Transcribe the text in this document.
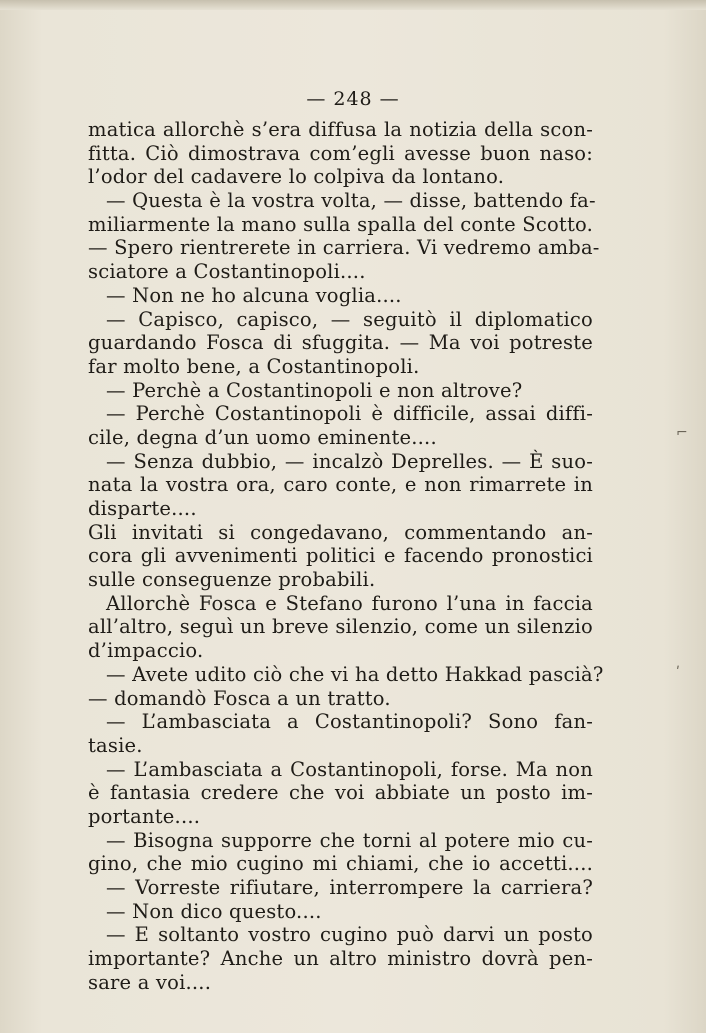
— 248 —
matica allorchè s’era diffusa la notizia della scon-
fitta. Ciò dimostrava com’egli avesse buon naso:
l’odor del cadavere lo colpiva da lontano.
— Questa è la vostra volta, — disse, battendo fa-
miliarmente la mano sulla spalla del conte Scotto.
— Spero rientrerete in carriera. Vi vedremo amba-
sciatore a Costantinopoli....
— Non ne ho alcuna voglia....
— Capisco, capisco, — seguitò il diplomatico
guardando Fosca di sfuggita. — Ma voi potreste
far molto bene, a Costantinopoli.
— Perchè a Costantinopoli e non altrove?
— Perchè Costantinopoli è difficile, assai diffi-
cile, degna d’un uomo eminente....
— Senza dubbio, — incalzò Deprelles. — È suo-
nata la vostra ora, caro conte, e non rimarrete in
disparte....
Gli invitati si congedavano, commentando an-
cora gli avvenimenti politici e facendo pronostici
sulle conseguenze probabili.
Allorchè Fosca e Stefano furono l’una in faccia
all’altro, seguì un breve silenzio, come un silenzio
d’impaccio.
— Avete udito ciò che vi ha detto Hakkad pascià?
— domandò Fosca a un tratto.
— L’ambasciata a Costantinopoli? Sono fan-
tasie.
— L’ambasciata a Costantinopoli, forse. Ma non
è fantasia credere che voi abbiate un posto im-
portante....
— Bisogna supporre che torni al potere mio cu-
gino, che mio cugino mi chiami, che io accetti....
— Vorreste rifiutare, interrompere la carriera?
— Non dico questo....
— E soltanto vostro cugino può darvi un posto
importante? Anche un altro ministro dovrà pen-
sare a voi....
⌐
ʹ
